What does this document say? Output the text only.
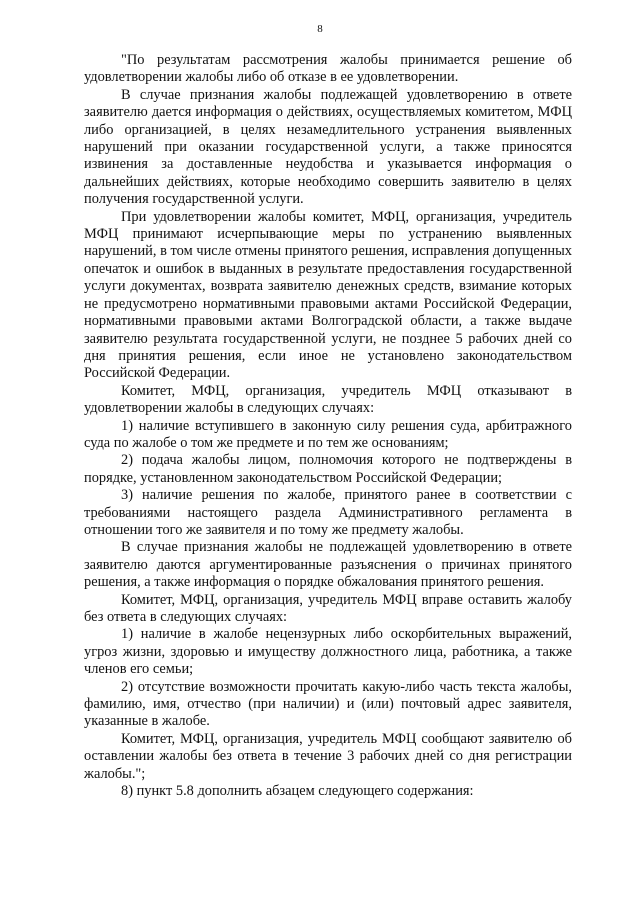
8

"По результатам рассмотрения жалобы принимается решение об удовлетворении жалобы либо об отказе в ее удовлетворении.

В случае признания жалобы подлежащей удовлетворению в ответе заявителю дается информация о действиях, осуществляемых комитетом, МФЦ либо организацией, в целях незамедлительного устранения выявленных нарушений при оказании государственной услуги, а также приносятся извинения за доставленные неудобства и указывается информация о дальнейших действиях, которые необходимо совершить заявителю в целях получения государственной услуги.

При удовлетворении жалобы комитет, МФЦ, организация, учредитель МФЦ принимают исчерпывающие меры по устранению выявленных нарушений, в том числе отмены принятого решения, исправления допущенных опечаток и ошибок в выданных в результате предоставления государственной услуги документах, возврата заявителю денежных средств, взимание которых не предусмотрено нормативными правовыми актами Российской Федерации, нормативными правовыми актами Волгоградской области, а также выдаче заявителю результата государственной услуги, не позднее 5 рабочих дней со дня принятия решения, если иное не установлено законодательством Российской Федерации.

Комитет, МФЦ, организация, учредитель МФЦ отказывают в удовлетворении жалобы в следующих случаях:

1) наличие вступившего в законную силу решения суда, арбитражного суда по жалобе о том же предмете и по тем же основаниям;

2) подача жалобы лицом, полномочия которого не подтверждены в порядке, установленном законодательством Российской Федерации;

3) наличие решения по жалобе, принятого ранее в соответствии с требованиями настоящего раздела Административного регламента в отношении того же заявителя и по тому же предмету жалобы.

В случае признания жалобы не подлежащей удовлетворению в ответе заявителю даются аргументированные разъяснения о причинах принятого решения, а также информация о порядке обжалования принятого решения.

Комитет, МФЦ, организация, учредитель МФЦ вправе оставить жалобу без ответа в следующих случаях:

1) наличие в жалобе нецензурных либо оскорбительных выражений, угроз жизни, здоровью и имуществу должностного лица, работника, а также членов его семьи;

2) отсутствие возможности прочитать какую-либо часть текста жалобы, фамилию, имя, отчество (при наличии) и (или) почтовый адрес заявителя, указанные в жалобе.

Комитет, МФЦ, организация, учредитель МФЦ сообщают заявителю об оставлении жалобы без ответа в течение 3 рабочих дней со дня регистрации жалобы.";

8) пункт 5.8 дополнить абзацем следующего содержания:
